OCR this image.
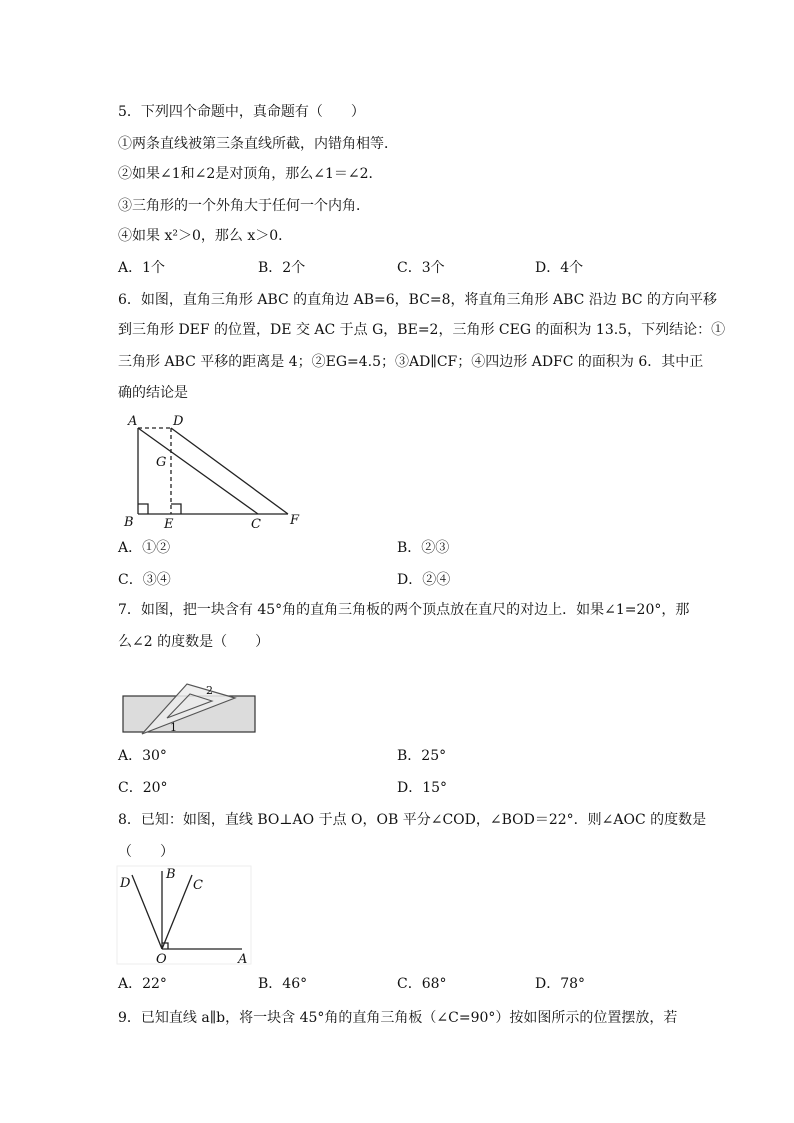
5．下列四个命题中，真命题有（　　）
①两条直线被第三条直线所截，内错角相等．
②如果∠1和∠2是对顶角，那么∠1＝∠2．
③三角形的一个外角大于任何一个内角．
④如果 x²＞0，那么 x＞0．
A．1个	B．2个	C．3个	D．4个
6．如图，直角三角形 ABC 的直角边 AB=6，BC=8，将直角三角形 ABC 沿边 BC 的方向平移
到三角形 DEF 的位置，DE 交 AC 于点 G，BE=2，三角形 CEG 的面积为 13.5，下列结论：①
三角形 ABC 平移的距离是 4；②EG=4.5；③AD∥CF；④四边形 ADFC 的面积为 6．其中正
确的结论是
A	D
G
B E	C F
A．①②	B．②③
C．③④	D．②④
7．如图，把一块含有 45°角的直角三角板的两个顶点放在直尺的对边上．如果∠1=20°，那
么∠2 的度数是（　　）
1
2
A．30°	B．25°
C．20°	D．15°
8．已知：如图，直线 BO⊥AO 于点 O，OB 平分∠COD，∠BOD＝22°．则∠AOC 的度数是
（　　）
D
B
C
O	A
A．22°	B．46°	C．68°	D．78°
9．已知直线 a∥b，将一块含 45°角的直角三角板（∠C=90°）按如图所示的位置摆放，若
